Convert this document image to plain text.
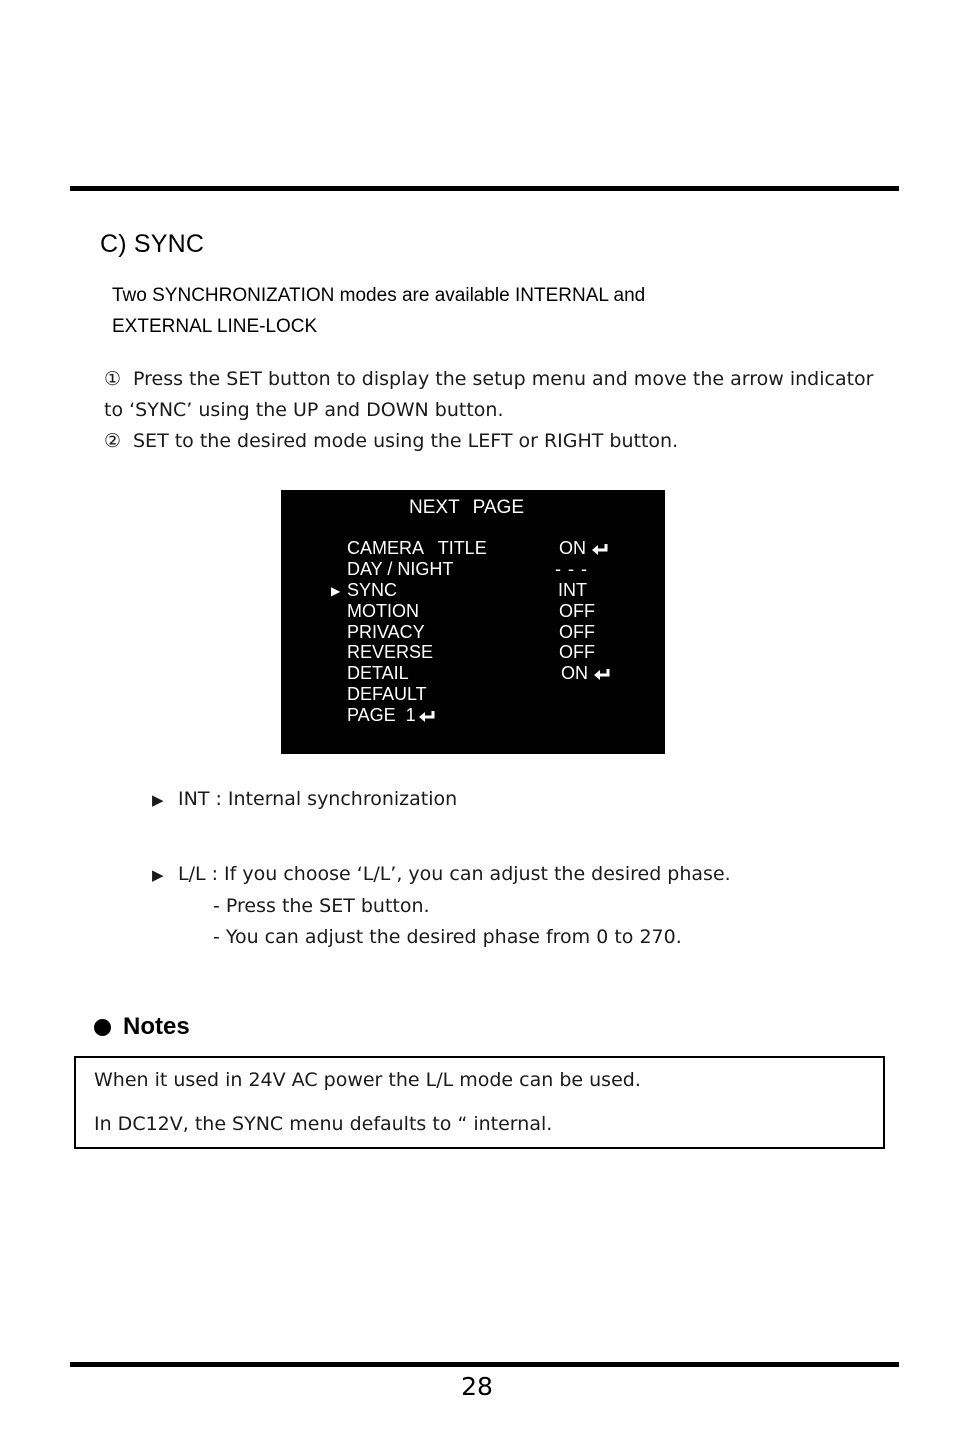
C) SYNC
Two SYNCHRONIZATION modes are available INTERNAL and
EXTERNAL LINE-LOCK
① Press the SET button to display the setup menu and move the arrow indicator
to ‘SYNC’ using the UP and DOWN button.
② SET to the desired mode using the LEFT or RIGHT button.
NEXT PAGE
CAMERA   TITLE	ON
DAY / NIGHT	- - -
▶ SYNC	INT
MOTION	OFF
PRIVACY	OFF
REVERSE	OFF
DETAIL	ON
DEFAULT
PAGE  1
▶ INT : Internal synchronization
▶ L/L : If you choose ‘L/L’, you can adjust the desired phase.
- Press the SET button.
- You can adjust the desired phase from 0 to 270.
Notes
When it used in 24V AC power the L/L mode can be used.
In DC12V, the SYNC menu defaults to “ internal.
28
